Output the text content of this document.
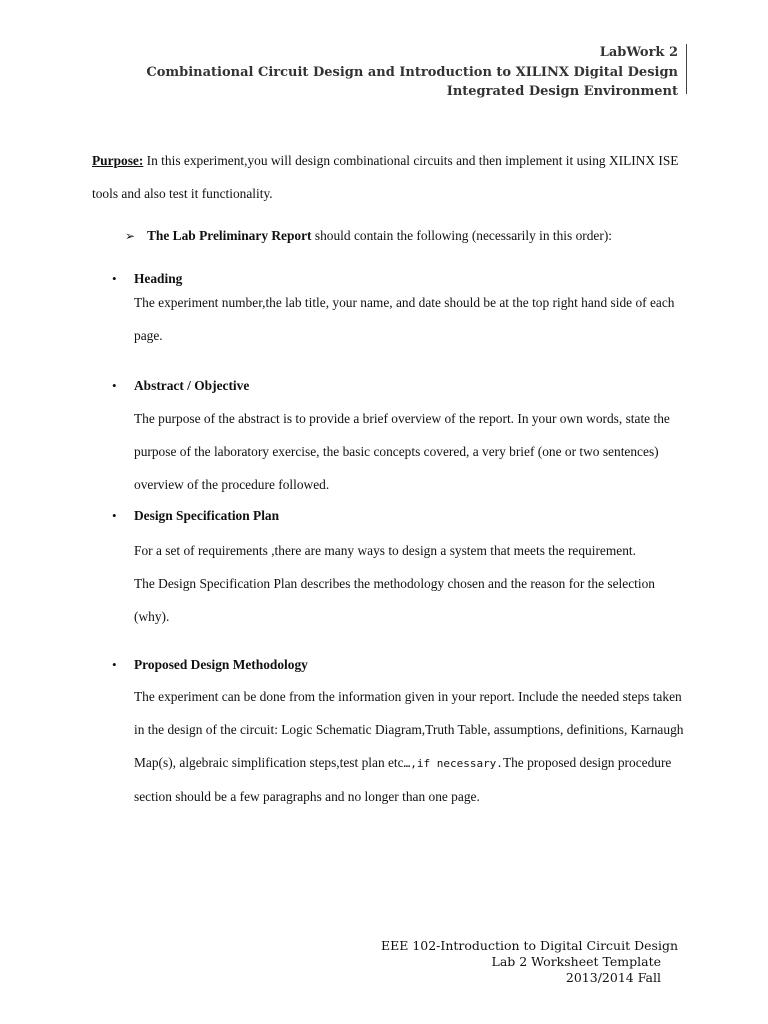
LabWork 2
Combinational Circuit Design and Introduction to XILINX Digital Design
Integrated Design Environment
Purpose: In this experiment,you will design combinational circuits and then implement it using XILINX ISE tools and also test it functionality.
➢ The Lab Preliminary Report should contain the following (necessarily in this order):
• Heading
The experiment number,the lab title, your name, and date should be at the top right hand side of each page.
• Abstract / Objective
The purpose of the abstract is to provide a brief overview of the report. In your own words, state the purpose of the laboratory exercise, the basic concepts covered, a very brief (one or two sentences) overview of the procedure followed.
• Design Specification Plan
For a set of requirements ,there are many ways to design a system that meets the requirement.
The Design Specification Plan describes the methodology chosen and the reason for the selection (why).
• Proposed Design Methodology
The experiment can be done from the information given in your report. Include the needed steps taken in the design of the circuit: Logic Schematic Diagram,Truth Table, assumptions, definitions, Karnaugh Map(s), algebraic simplification steps,test plan etc…,if necessary.The proposed design procedure section should be a few paragraphs and no longer than one page.
EEE 102-Introduction to Digital Circuit Design
Lab 2 Worksheet Template
2013/2014 Fall
